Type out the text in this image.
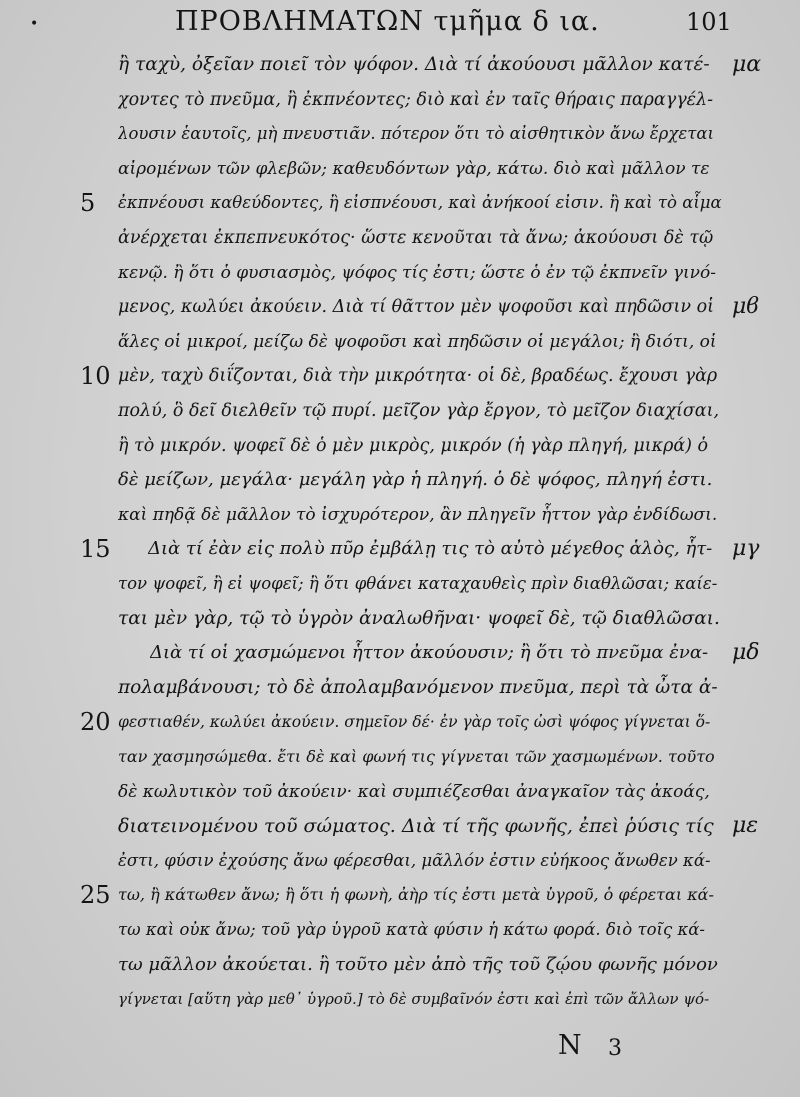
•	ΠΡΟΒΛΗΜΑΤΩΝ τμῆμα δ ια.	101
ἢ ταχὺ, ὀξεῖαν ποιεῖ τὸν ψόφον. Διὰ τί ἀκούουσι μᾶλλον κατέ-	μα
χοντες τὸ πνεῦμα, ἢ ἐκπνέοντες; διὸ καὶ ἐν ταῖς θήραις παραγγέλ-
λουσιν ἑαυτοῖς, μὴ πνευστιᾶν. πότερον ὅτι τὸ αἰσθητικὸν ἄνω ἔρχεται
αἰρομένων τῶν φλεβῶν; καθευδόντων γὰρ, κάτω. διὸ καὶ μᾶλλον τε
5 ἐκπνέουσι καθεύδοντες, ἢ εἰσπνέουσι, καὶ ἀνήκοοί εἰσιν. ἢ καὶ τὸ αἷμα
ἀνέρχεται ἐκπεπνευκότος· ὥστε κενοῦται τὰ ἄνω; ἀκούουσι δὲ τῷ
κενῷ. ἢ ὅτι ὁ φυσιασμὸς, ψόφος τίς ἐστι; ὥστε ὁ ἐν τῷ ἐκπνεῖν γινό-
μενος, κωλύει ἀκούειν. Διὰ τί θᾶττον μὲν ψοφοῦσι καὶ πηδῶσιν οἱ μϐ
ἅλες οἱ μικροί, μείζω δὲ ψοφοῦσι καὶ πηδῶσιν οἱ μεγάλοι; ἢ διότι, οἱ
10 μὲν, ταχὺ διΐζονται, διὰ τὴν μικρότητα· οἱ δὲ, βραδέως. ἔχουσι γὰρ
πολύ, ὃ δεῖ διελθεῖν τῷ πυρί. μεῖζον γὰρ ἔργον, τὸ μεῖζον διαχίσαι,
ἢ τὸ μικρόν. ψοφεῖ δὲ ὁ μὲν μικρὸς, μικρόν (ἡ γὰρ πληγή, μικρά) ὁ
δὲ μείζων, μεγάλα· μεγάλη γὰρ ἡ πληγή. ὁ δὲ ψόφος, πληγή ἐστι.
καὶ πηδᾷ δὲ μᾶλλον τὸ ἰσχυρότερον, ἂν πληγεῖν ἧττον γὰρ ἐνδίδωσι.
15 Διὰ τί ἐὰν εἰς πολὺ πῦρ ἐμβάλῃ τις τὸ αὐτὸ μέγεθος ἁλὸς, ἧτ- μγ
τον ψοφεῖ, ἢ εἰ ψοφεῖ; ἢ ὅτι φθάνει καταχαυθεὶς πρὶν διαθλῶσαι; καίε-
ται μὲν γὰρ, τῷ τὸ ὑγρὸν ἀναλωθῆναι· ψοφεῖ δὲ, τῷ διαθλῶσαι.
Διὰ τί οἱ χασμώμενοι ἧττον ἀκούουσιν; ἢ ὅτι τὸ πνεῦμα ἐνα-	μδ
πολαμβάνουσι; τὸ δὲ ἀπολαμβανόμενον πνεῦμα, περὶ τὰ ὦτα ἀ-
20 φεστιαθέν, κωλύει ἀκούειν. σημεῖον δέ· ἐν γὰρ τοῖς ὠσὶ ψόφος γίγνεται ὅ-
ταν χασμησώμεθα. ἔτι δὲ καὶ φωνή τις γίγνεται τῶν χασμωμένων. τοῦτο
δὲ κωλυτικὸν τοῦ ἀκούειν· καὶ συμπιέζεσθαι ἀναγκαῖον τὰς ἀκοάς,
διατεινομένου τοῦ σώματος. Διὰ τί τῆς φωνῆς, ἐπεὶ ῥύσις τίς με
ἐστι, φύσιν ἐχούσης ἄνω φέρεσθαι, μᾶλλόν ἐστιν εὐήκοος ἄνωθεν κά-
25 τω, ἢ κάτωθεν ἄνω; ἢ ὅτι ἡ φωνὴ, ἀὴρ τίς ἐστι μετὰ ὑγροῦ, ὁ φέρεται κά-
τω καὶ οὐκ ἄνω; τοῦ γὰρ ὑγροῦ κατὰ φύσιν ἡ κάτω φορά. διὸ τοῖς κά-
τω μᾶλλον ἀκούεται. ἢ τοῦτο μὲν ἀπὸ τῆς τοῦ ζῴου φωνῆς μόνον
γίγνεται [αὕτη γὰρ μεθ᾽ ὑγροῦ.] τὸ δὲ συμβαῖνόν ἐστι καὶ ἐπὶ τῶν ἄλλων ψό-
N 3
